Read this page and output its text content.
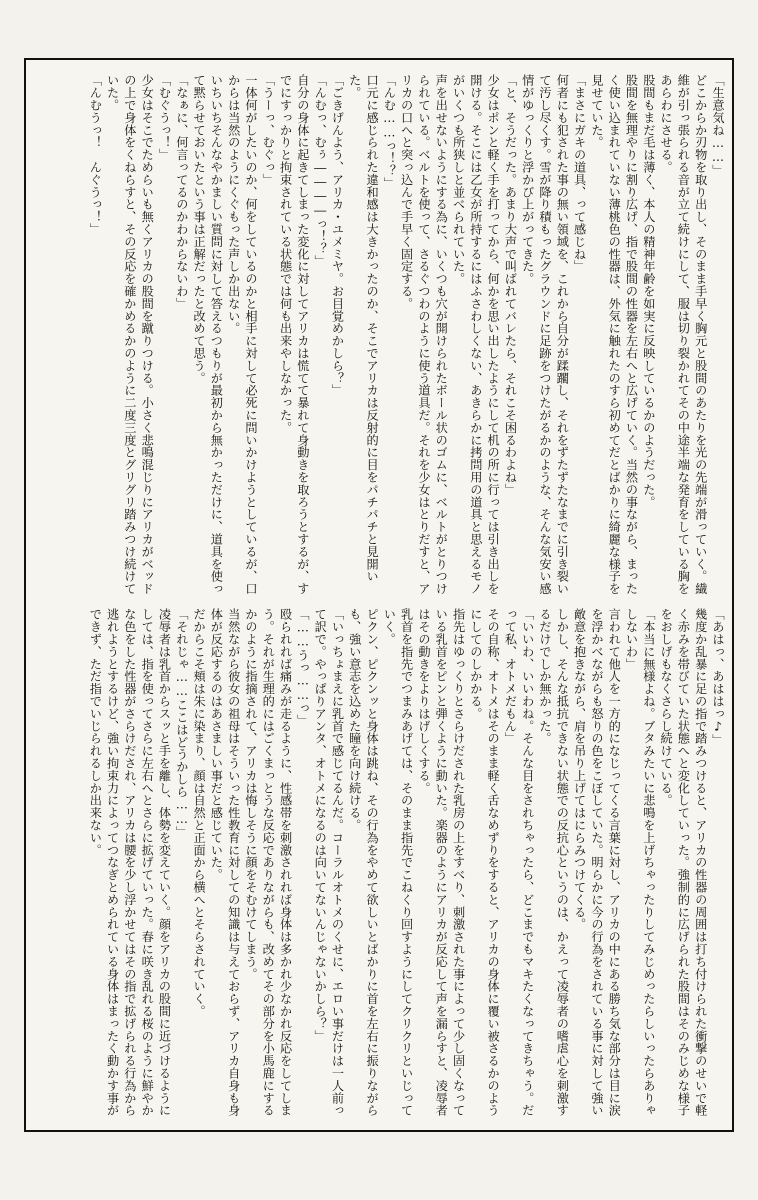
「生意気ね……」

どこからか刃物を取り出し、そのまま手早く胸元と股間のあたりを光の先端が滑っていく。繊維が引っ張られる音が立て続けにして、服は切り裂かれてその中途半端な発育をしている胸をあらわにさせる。

股間もまだ毛は薄く、本人の精神年齢を如実に反映しているかのようだった。

股間を無理やりに割り広げ、指で股間の性器を左右へと広げていく。当然の事ながら、まったく使い込まれていない薄桃色の性器は、外気に触れたのすら初めてだとばかりに綺麗な様子を見せていた。

「まさにガキの道具、って感じね」

何者にも犯された事の無い領域を、これから自分が蹂躙し、それをずたずたなまでに引き裂いて汚し尽くす。雪が降り積もったグラウンドに足跡をつけたがるかのような、そんな気安い感情がゆっくりと浮かび上がってきた。

「と、そうだった。あまり大声で叫ばれてバレたら、それこそ困るわよね」

少女はポンと軽く手を打ってから、何かを思い出したようにして机の所に行っては引き出しを開ける。そこには乙女が所持するにはふさわしくない、あきらかに拷問用の道具と思えるモノがいくつも所狭しと並べられていた。

声を出せないようにする為に、いくつも穴が開けられたボール状のゴムに、ベルトがとりつけられている。ベルトを使って、さるぐつわのように使う道具だ。それを少女はとりだすと、アリカの口へと突っ込んで手早く固定する。

「んむ……っ！？」

口元に感じられた違和感は大きかったのか、そこでアリカは反射的に目をパチパチと見開いた。

「ごきげんよう、アリカ・ユメミヤ。お目覚めかしら？」

「んむっ、むぅ――――っ！？」

自分の身体に起きてしまった変化に対してアリカは慌てて暴れて身動きを取ろうとするが、すでにすっかりと拘束されている状態では何も出来やしなかった。

「うーっ、むぐっ」

一体何がしたいのか、何をしているのかと相手に対して必死に問いかけようとしているが、口からは当然のようにくぐもった声しか出ない。

いちいちそんなやかましい質問に対して答えるつもりが最初から無かっただけに、道具を使って黙らせておいたという事は正解だったと改めて思う。

「なぁに、何言ってるのかわからないわ」

「むぐうっ！」

少女はそこでためらいも無くアリカの股間を蹴りつける。小さく悲鳴混じりにアリカがベッドの上で身体をくねらすと、その反応を確かめるかのように二度三度とグリグリ踏みつけ続けていた。

「んむうっ！　んぐうっ！」

「あはっ、あははっ♪」

幾度か乱暴に足の指で踏みつけると、アリカの性器の周囲は打ち付けられた衝撃のせいで軽く赤みを帯びていた状態へと変化していった。強制的に広げられた股間はそのみじめな様子をおしげもなくさらし続けている。

「本当に無様よね。ブタみたいに悲鳴を上げちゃったりしてみじめったらしいったらありゃしないわ」

言われて他人を一方的になじってくる言葉に対し、アリカの中にある勝ち気な部分は目に涙を浮かべながらも怒りの色をこぼしていた。明らかに今の行為をされている事に対して強い敵意を抱きながら、肩を吊り上げてはにらみつけてくる。

しかし、そんな抵抗できない状態での反抗心というのは、かえって凌辱者の嗜虐心を刺激するだけでしか無かった。

「いいわ、いいわね。そんな目をされちゃったら、どこまでもマキたくなってきちゃう。だって私、オトメだもん」

その自称、オトメはそのまま軽く舌なめずりをすると、アリカの身体に覆い被さるかのようにしてのしかかる。

指先はゆっくりとさらけだされた乳房の上をすべり、刺激された事によって少し固くなっている乳首をピンと弾くように動いた。楽器のようにアリカが反応して声を漏らすと、凌辱者はその動きをよりはげしくする。

乳首を指先でつまみあげては、そのまま指先でこねくり回すようにしてクリクリといじっていく。

ピクン、ピクンッと身体は跳ね、その行為をやめて欲しいとばかりに首を左右に振りながらも、強い意志を込めた瞳を向け続ける。

「いっちょまえに乳首で感じてるんだ。コーラルオトメのくせに、エロい事だけは一人前って訳で。やっぱりアンタ、オトメになるのは向いてないんじゃないかしら？」

「……うっ……っ」

殴られれば痛みが走るように、性感帯を刺激されれば身体は多かれ少なかれ反応をしてしまう。それが生理的にはごくまっとうな反応でありながらも、改めてその部分を小馬鹿にするかのように指摘されて、アリカは悔しそうに顔をそむけてしまう。

当然ながら彼女の祖母はそういった性教育に対しての知識は与えておらず、アリカ自身も身体が反応するのはあさましい事だと感じていた。

だからこそ頬は朱に染まり、顔は自然と正面から横へとそらされていく。

「それじゃ……ここはどうかしら……」

凌辱者は乳首からスッと手を離し、体勢を変えていく。顔をアリカの股間に近づけるようにしては、指を使ってさらに左右へとさらに拡げていった。春に咲き乱れる桜のように鮮やかな色をした性器がさらけだされ、アリカは腰を少し浮かせてはその指で拡げられる行為から逃れようとするけど、強い拘束力によってつなぎとめられている身体はまったく動かす事ができず、ただ指でいじられるしか出来ない。
